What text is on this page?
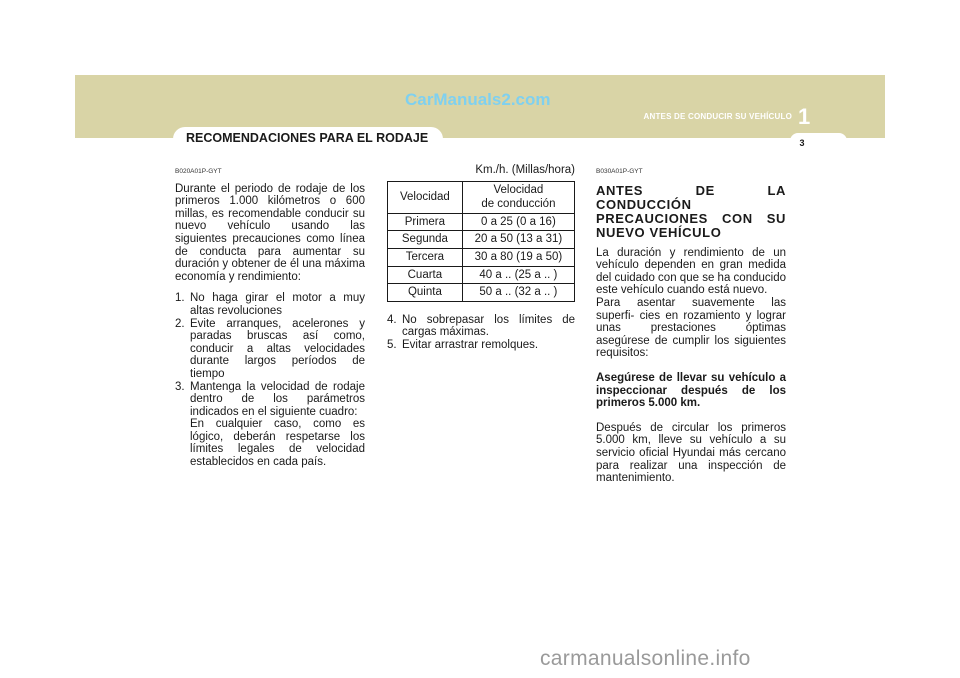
CarManuals2.com
ANTES DE CONDUCIR SU VEHÍCULO 1
3
RECOMENDACIONES PARA EL RODAJE
B020A01P-GYT

Durante el periodo de rodaje de los primeros 1.000 kilómetros o 600 millas, es recomendable conducir su nuevo vehículo usando las siguientes precauciones como línea de conducta para aumentar su duración y obtener de él una máxima economía y rendimiento:

1. No haga girar el motor a muy altas revoluciones
2. Evite arranques, acelerones y paradas bruscas así como, conducir a altas velocidades durante largos períodos de tiempo
3. Mantenga la velocidad de rodaje dentro de los parámetros indicados en el siguiente cuadro:
En cualquier caso, como es lógico, deberán respetarse los límites legales de velocidad establecidos en cada país.
Km./h. (Millas/hora)
Velocidad	Velocidad
de conducción

Primera	0 a 25 (0 a 16)
Segunda	20 a 50 (13 a 31)
Tercera	30 a 80 (19 a 50)
Cuarta	40 a .. (25 a .. )
Quinta	50 a .. (32 a .. )
4. No sobrepasar los límites de cargas máximas.
5. Evitar arrastrar remolques.
B030A01P-GYT
ANTES DE LA CONDUCCIÓN PRECAUCIONES CON SU NUEVO VEHÍCULO

La duración y rendimiento de un vehículo dependen en gran medida del cuidado con que se ha conducido este vehículo cuando está nuevo.

Para asentar suavemente las superfi- cies en rozamiento y lograr unas prestaciones óptimas asegúrese de cumplir los siguientes requisitos:

Asegúrese de llevar su vehículo a inspeccionar después de los primeros 5.000 km.

Después de circular los primeros 5.000 km, lleve su vehículo a su servicio oficial Hyundai más cercano para realizar una inspección de mantenimiento.

carmanualsonline.info
